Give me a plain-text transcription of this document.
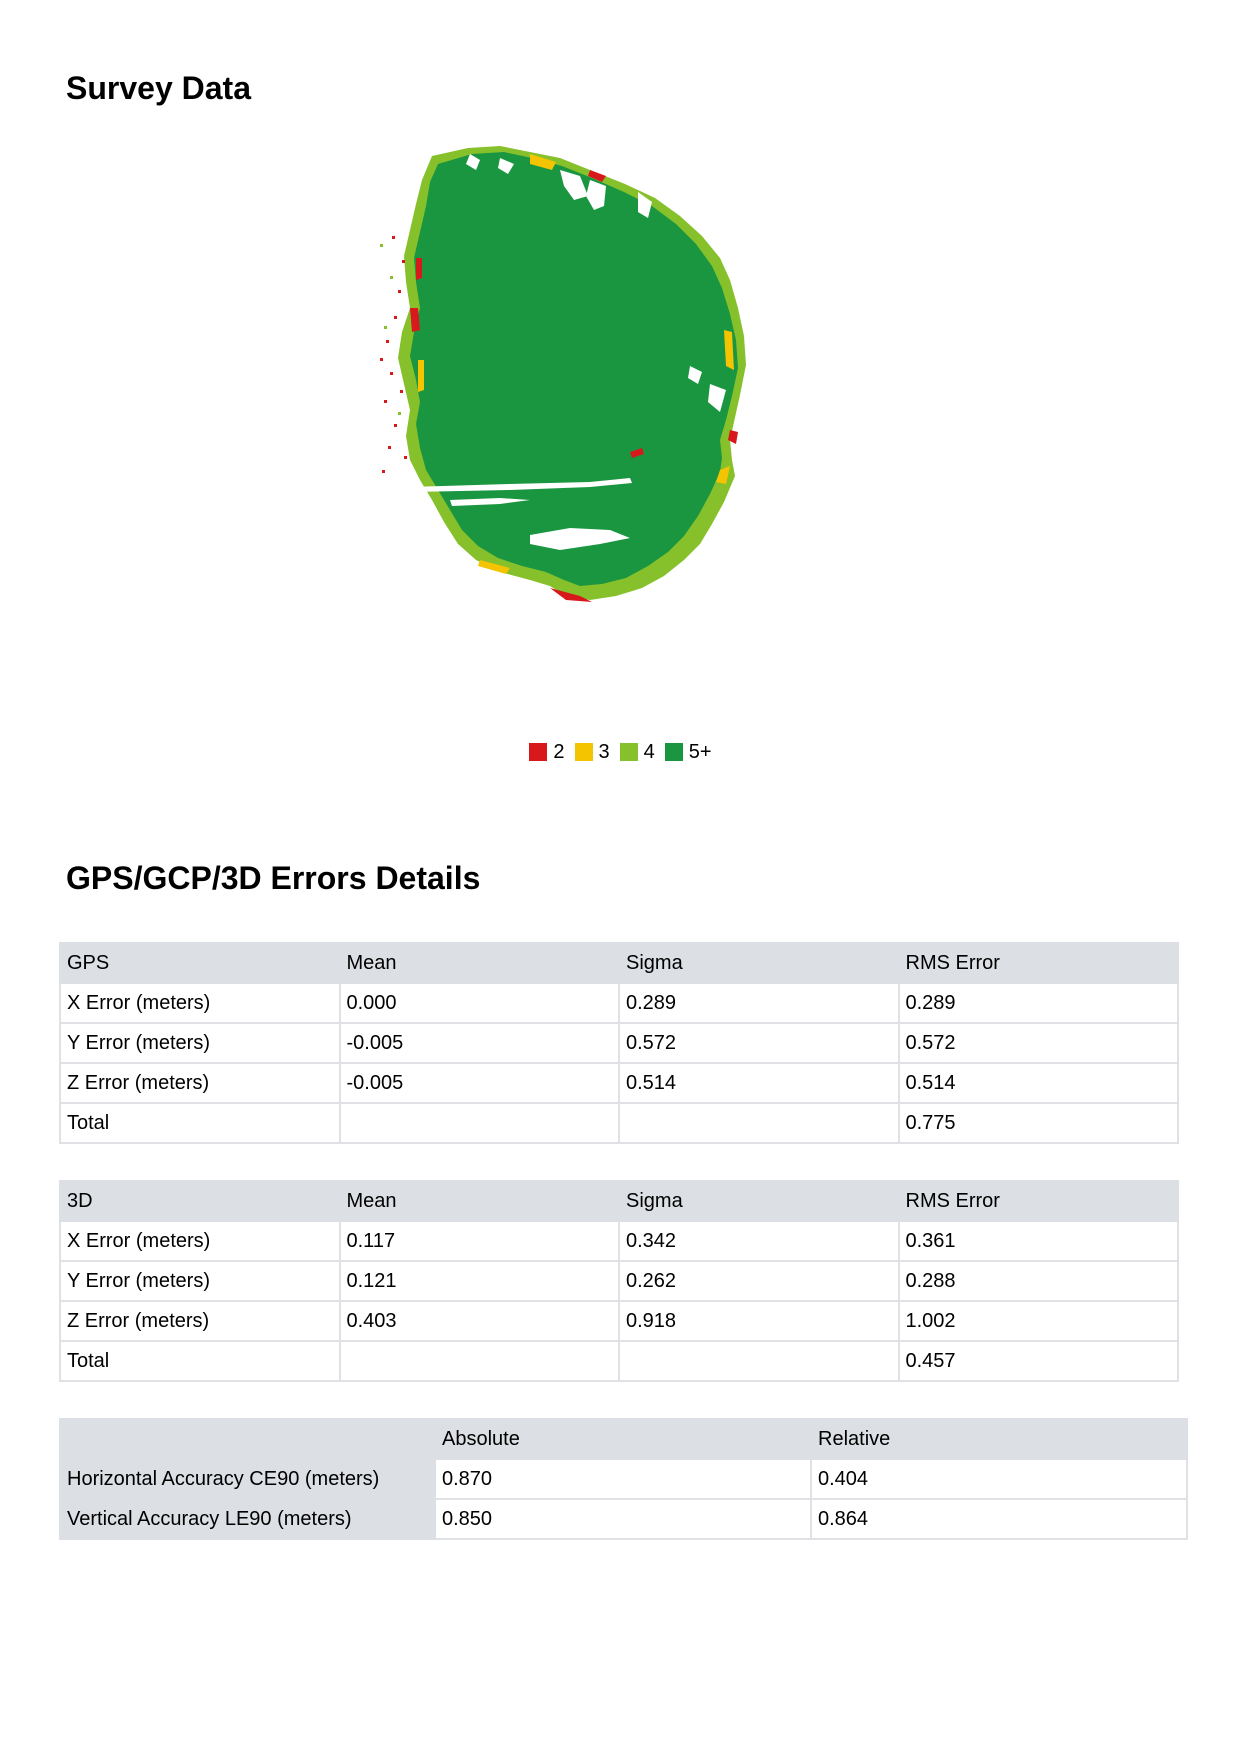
Survey Data
2 3 4 5+
GPS/GCP/3D Errors Details
GPS	Mean	Sigma	RMS Error
X Error (meters)	0.000	0.289	0.289
Y Error (meters)	-0.005	0.572	0.572
Z Error (meters)	-0.005	0.514	0.514
Total			0.775
3D	Mean	Sigma	RMS Error
X Error (meters)	0.117	0.342	0.361
Y Error (meters)	0.121	0.262	0.288
Z Error (meters)	0.403	0.918	1.002
Total			0.457
	Absolute	Relative
Horizontal Accuracy CE90 (meters)	0.870	0.404
Vertical Accuracy LE90 (meters)	0.850	0.864
